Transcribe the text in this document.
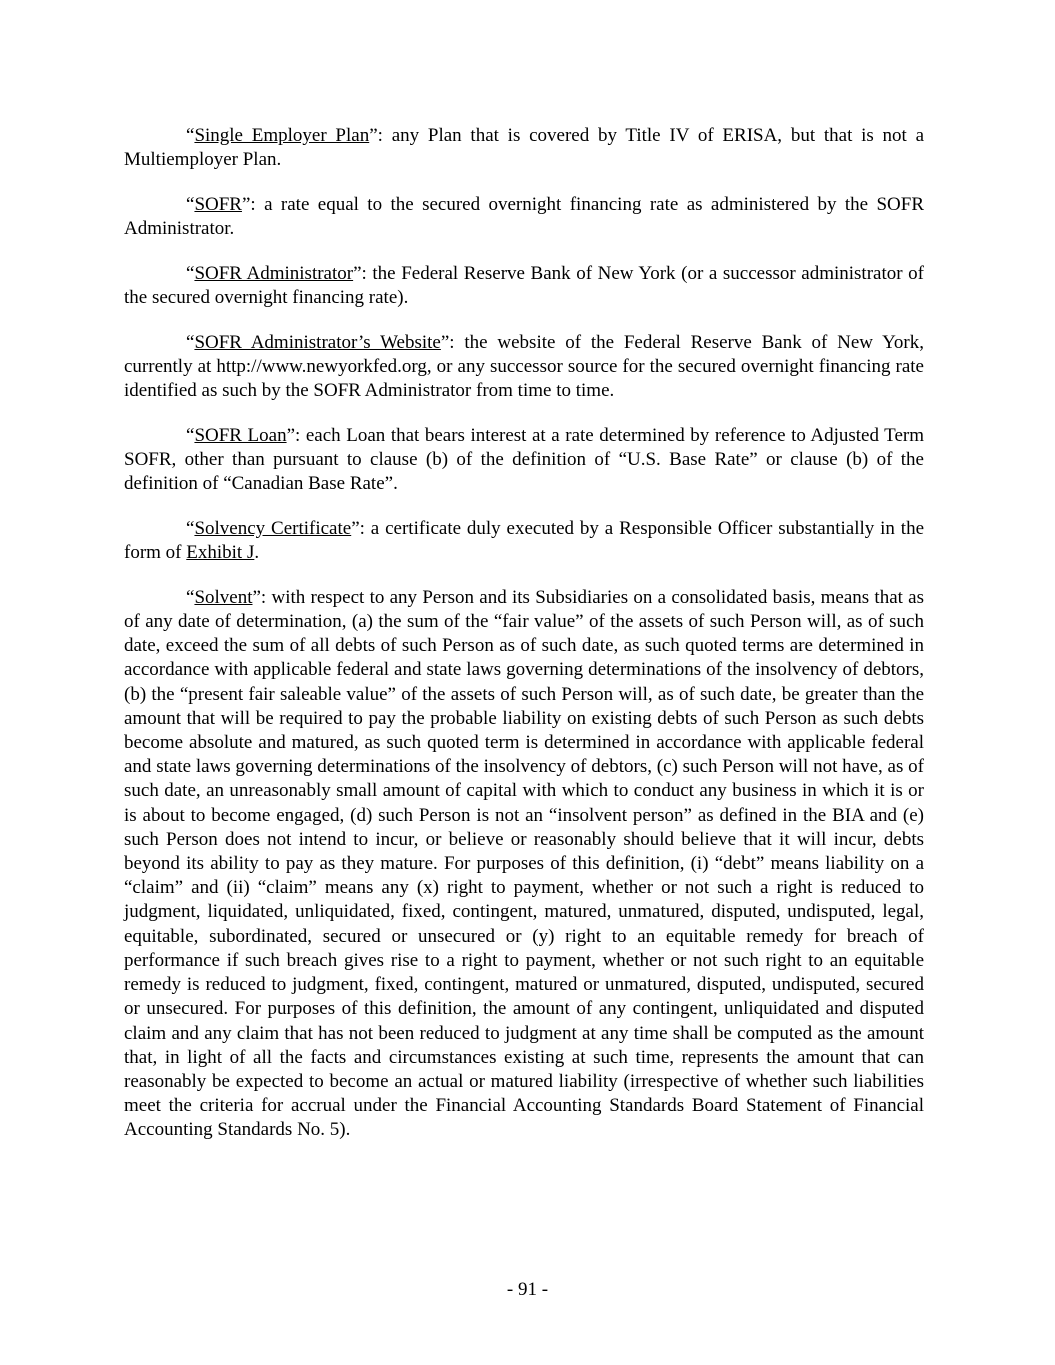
“Single Employer Plan”: any Plan that is covered by Title IV of ERISA, but that is not a Multiemployer Plan.

“SOFR”: a rate equal to the secured overnight financing rate as administered by the SOFR Administrator.

“SOFR Administrator”: the Federal Reserve Bank of New York (or a successor administrator of the secured overnight financing rate).

“SOFR Administrator’s Website”: the website of the Federal Reserve Bank of New York, currently at http://www.newyorkfed.org, or any successor source for the secured overnight financing rate identified as such by the SOFR Administrator from time to time.

“SOFR Loan”: each Loan that bears interest at a rate determined by reference to Adjusted Term SOFR, other than pursuant to clause (b) of the definition of “U.S. Base Rate” or clause (b) of the definition of “Canadian Base Rate”.

“Solvency Certificate”: a certificate duly executed by a Responsible Officer substantially in the form of Exhibit J.

“Solvent”: with respect to any Person and its Subsidiaries on a consolidated basis, means that as of any date of determination, (a) the sum of the “fair value” of the assets of such Person will, as of such date, exceed the sum of all debts of such Person as of such date, as such quoted terms are determined in accordance with applicable federal and state laws governing determinations of the insolvency of debtors, (b) the “present fair saleable value” of the assets of such Person will, as of such date, be greater than the amount that will be required to pay the probable liability on existing debts of such Person as such debts become absolute and matured, as such quoted term is determined in accordance with applicable federal and state laws governing determinations of the insolvency of debtors, (c) such Person will not have, as of such date, an unreasonably small amount of capital with which to conduct any business in which it is or is about to become engaged, (d) such Person is not an “insolvent person” as defined in the BIA and (e) such Person does not intend to incur, or believe or reasonably should believe that it will incur, debts beyond its ability to pay as they mature. For purposes of this definition, (i) “debt” means liability on a “claim” and (ii) “claim” means any (x) right to payment, whether or not such a right is reduced to judgment, liquidated, unliquidated, fixed, contingent, matured, unmatured, disputed, undisputed, legal, equitable, subordinated, secured or unsecured or (y) right to an equitable remedy for breach of performance if such breach gives rise to a right to payment, whether or not such right to an equitable remedy is reduced to judgment, fixed, contingent, matured or unmatured, disputed, undisputed, secured or unsecured. For purposes of this definition, the amount of any contingent, unliquidated and disputed claim and any claim that has not been reduced to judgment at any time shall be computed as the amount that, in light of all the facts and circumstances existing at such time, represents the amount that can reasonably be expected to become an actual or matured liability (irrespective of whether such liabilities meet the criteria for accrual under the Financial Accounting Standards Board Statement of Financial Accounting Standards No. 5).

- 91 -
